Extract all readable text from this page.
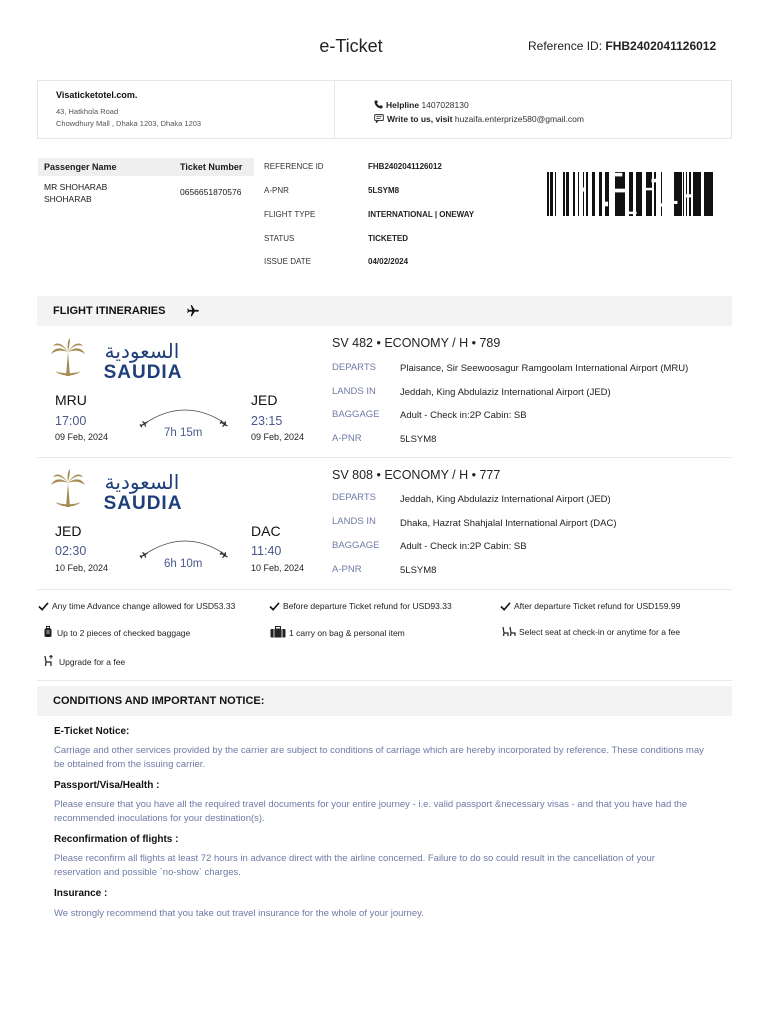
e-Ticket	Reference ID: FHB2402041126012
Visaticketotel.com.
43, Hatkhola Road
Chowdhury Mall , Dhaka 1203, Dhaka 1203
Helpline 1407028130
Write to us, visit huzaifa.enterprize580@gmail.com
Passenger Name	Ticket Number
MR SHOHARAB
SHOHARAB
0656651870576
REFERENCE ID	FHB2402041126012
A-PNR	5LSYM8
FLIGHT TYPE	INTERNATIONAL | ONEWAY
STATUS	TICKETED
ISSUE DATE	04/02/2024
FLIGHT ITINERARIES
السعودية
SAUDIA
MRU
17:00
09 Feb, 2024	7h 15m
JED
23:15
09 Feb, 2024
SV 482 • ECONOMY / H • 789
DEPARTS	Plaisance, Sir Seewoosagur Ramgoolam International Airport (MRU)
LANDS IN	Jeddah, King Abdulaziz International Airport (JED)
BAGGAGE Adult - Check in:2P Cabin: SB
A-PNR	5LSYM8
السعودية
SAUDIA
JED
02:30
10 Feb, 2024	6h 10m
DAC
11:40
10 Feb, 2024
SV 808 • ECONOMY / H • 777
DEPARTS	Jeddah, King Abdulaziz International Airport (JED)
LANDS IN	Dhaka, Hazrat Shahjalal International Airport (DAC)
BAGGAGE Adult - Check in:2P Cabin: SB
A-PNR	5LSYM8
Any time Advance change allowed for USD53.33	Before departure Ticket refund for USD93.33	After departure Ticket refund for USD159.99
Up to 2 pieces of checked baggage	1 carry on bag & personal item	Select seat at check-in or anytime for a fee
Upgrade for a fee
CONDITIONS AND IMPORTANT NOTICE:
E-Ticket Notice:
Carriage and other services provided by the carrier are subject to conditions of carriage which are hereby incorporated by reference. These conditions may be obtained from the issuing carrier.
Passport/Visa/Health :
Please ensure that you have all the required travel documents for your entire journey - i.e. valid passport &necessary visas - and that you have had the recommended inoculations for your destination(s).
Reconfirmation of flights :
Please reconfirm all flights at least 72 hours in advance direct with the airline concerned. Failure to do so could result in the cancellation of your reservation and possible `no-show` charges.
Insurance :
We strongly recommend that you take out travel insurance for the whole of your journey.
